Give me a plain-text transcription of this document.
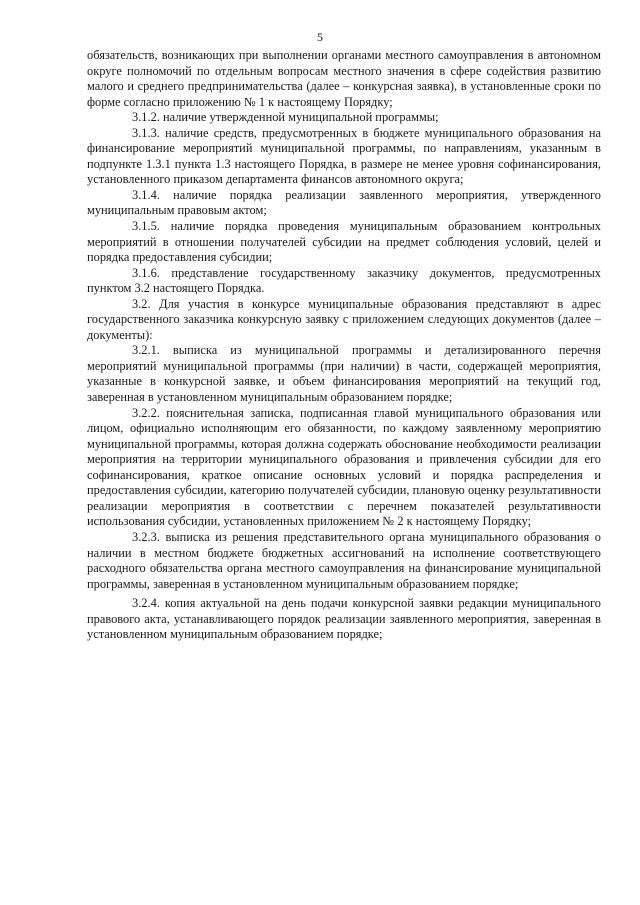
5

обязательств, возникающих при выполнении органами местного самоуправления в автономном округе полномочий по отдельным вопросам местного значения в сфере содействия развитию малого и среднего предпринимательства (далее – конкурсная заявка), в установленные сроки по форме согласно приложению № 1 к настоящему Порядку;

3.1.2. наличие утвержденной муниципальной программы;

3.1.3. наличие средств, предусмотренных в бюджете муниципального образования на финансирование мероприятий муниципальной программы, по направлениям, указанным в подпункте 1.3.1 пункта 1.3 настоящего Порядка, в размере не менее уровня софинансирования, установленного приказом департамента финансов автономного округа;

3.1.4. наличие порядка реализации заявленного мероприятия, утвержденного муниципальным правовым актом;

3.1.5. наличие порядка проведения муниципальным образованием контрольных мероприятий в отношении получателей субсидии на предмет соблюдения условий, целей и порядка предоставления субсидии;

3.1.6. представление государственному заказчику документов, предусмотренных пунктом 3.2 настоящего Порядка.

3.2. Для участия в конкурсе муниципальные образования представляют в адрес государственного заказчика конкурсную заявку с приложением следующих документов (далее – документы):

3.2.1. выписка из муниципальной программы и детализированного перечня мероприятий муниципальной программы (при наличии) в части, содержащей мероприятия, указанные в конкурсной заявке, и объем финансирования мероприятий на текущий год, заверенная в установленном муниципальным образованием порядке;

3.2.2. пояснительная записка, подписанная главой муниципального образования или лицом, официально исполняющим его обязанности, по каждому заявленному мероприятию муниципальной программы, которая должна содержать обоснование необходимости реализации мероприятия на территории муниципального образования и привлечения субсидии для его софинансирования, краткое описание основных условий и порядка распределения и предоставления субсидии, категорию получателей субсидии, плановую оценку результативности реализации мероприятия в соответствии с перечнем показателей результативности использования субсидии, установленных приложением № 2 к настоящему Порядку;

3.2.3. выписка из решения представительного органа муниципального образования о наличии в местном бюджете бюджетных ассигнований на исполнение соответствующего расходного обязательства органа местного самоуправления на финансирование муниципальной программы, заверенная в установленном муниципальным образованием порядке;

3.2.4. копия актуальной на день подачи конкурсной заявки редакции муниципального правового акта, устанавливающего порядок реализации заявленного мероприятия, заверенная в установленном муниципальным образованием порядке;
